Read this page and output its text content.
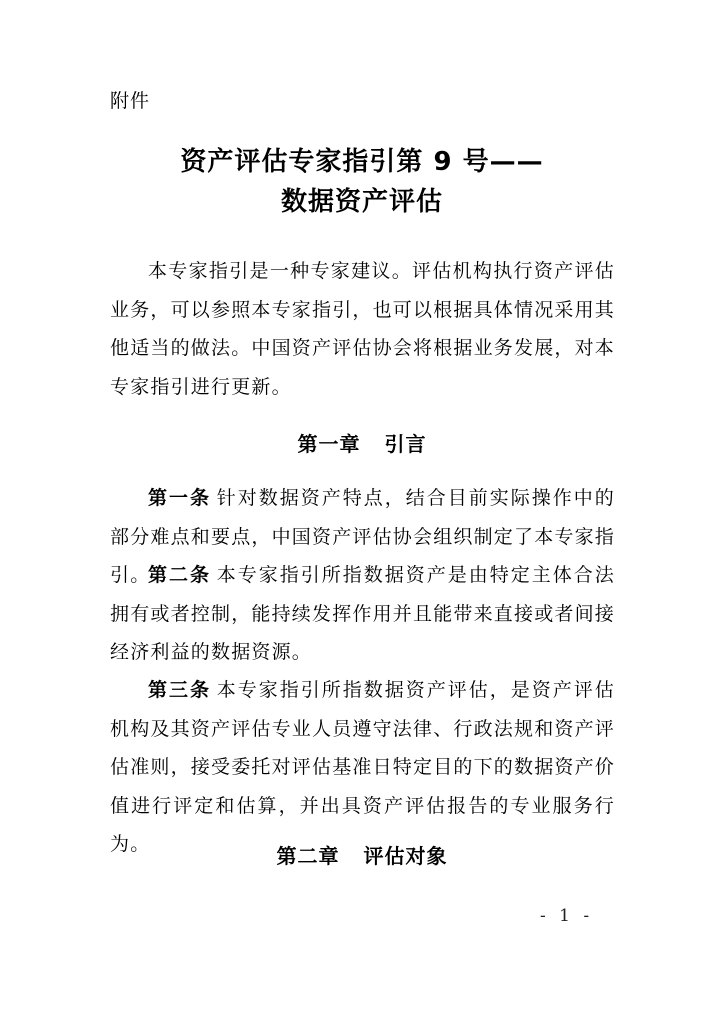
附件
资产评估专家指引第 9 号——
数据资产评估

本专家指引是一种专家建议。评估机构执行资产评估业务，可以参照本专家指引，也可以根据具体情况采用其他适当的做法。中国资产评估协会将根据业务发展，对本专家指引进行更新。

第一章 引言

第一条  针对数据资产特点，结合目前实际操作中的部分难点和要点，中国资产评估协会组织制定了本专家指引。

第二条  本专家指引所指数据资产是由特定主体合法拥有或者控制，能持续发挥作用并且能带来直接或者间接经济利益的数据资源。

第三条  本专家指引所指数据资产评估，是资产评估机构及其资产评估专业人员遵守法律、行政法规和资产评估准则，接受委托对评估基准日特定目的下的数据资产价值进行评定和估算，并出具资产评估报告的专业服务行为。	第二章 评估对象
- 1 -
